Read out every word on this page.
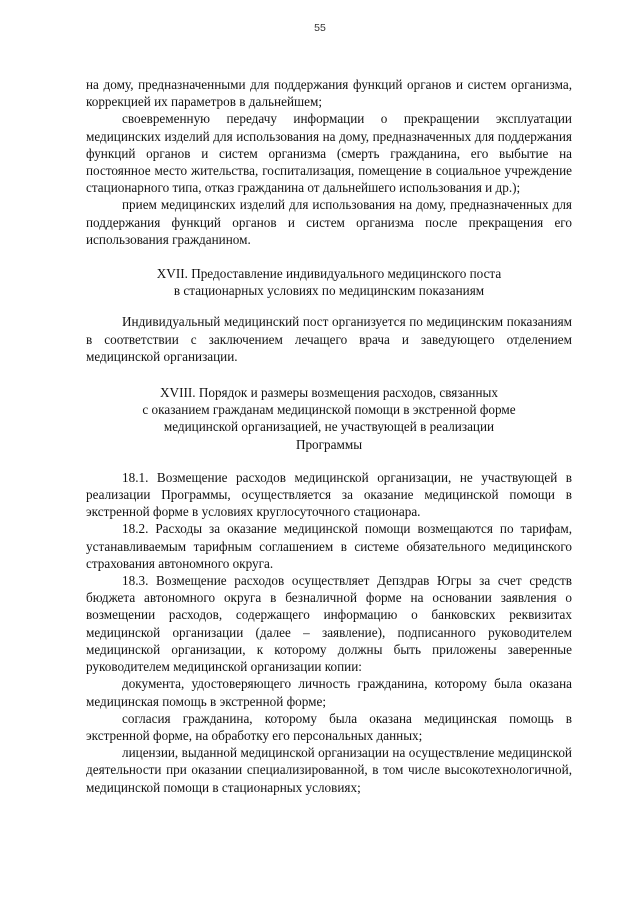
55

на дому, предназначенными для поддержания функций органов и систем организма, коррекцией их параметров в дальнейшем;

своевременную передачу информации о прекращении эксплуатации медицинских изделий для использования на дому, предназначенных для поддержания функций органов и систем организма (смерть гражданина, его выбытие на постоянное место жительства, госпитализация, помещение в социальное учреждение стационарного типа, отказ гражданина от дальнейшего использования и др.);

прием медицинских изделий для использования на дому, предназначенных для поддержания функций органов и систем организма после прекращения его использования гражданином.

XVII. Предоставление индивидуального медицинского поста

в стационарных условиях по медицинским показаниям

Индивидуальный медицинский пост организуется по медицинским показаниям в соответствии с заключением лечащего врача и заведующего отделением медицинской организации.

XVIII. Порядок и размеры возмещения расходов, связанных

с оказанием гражданам медицинской помощи в экстренной форме

медицинской организацией, не участвующей в реализации

Программы

18.1. Возмещение расходов медицинской организации, не участвующей в реализации Программы, осуществляется за оказание медицинской помощи в экстренной форме в условиях круглосуточного стационара.

18.2. Расходы за оказание медицинской помощи возмещаются по тарифам, устанавливаемым тарифным соглашением в системе обязательного медицинского страхования автономного округа.

18.3. Возмещение расходов осуществляет Депздрав Югры за счет средств бюджета автономного округа в безналичной форме на основании заявления о возмещении расходов, содержащего информацию о банковских реквизитах медицинской организации (далее – заявление), подписанного руководителем медицинской организации, к которому должны быть приложены заверенные руководителем медицинской организации копии:

документа, удостоверяющего личность гражданина, которому была оказана медицинская помощь в экстренной форме;

согласия гражданина, которому была оказана медицинская помощь в экстренной форме, на обработку его персональных данных;

лицензии, выданной медицинской организации на осуществление медицинской деятельности при оказании специализированной, в том числе высокотехнологичной, медицинской помощи в стационарных условиях;
